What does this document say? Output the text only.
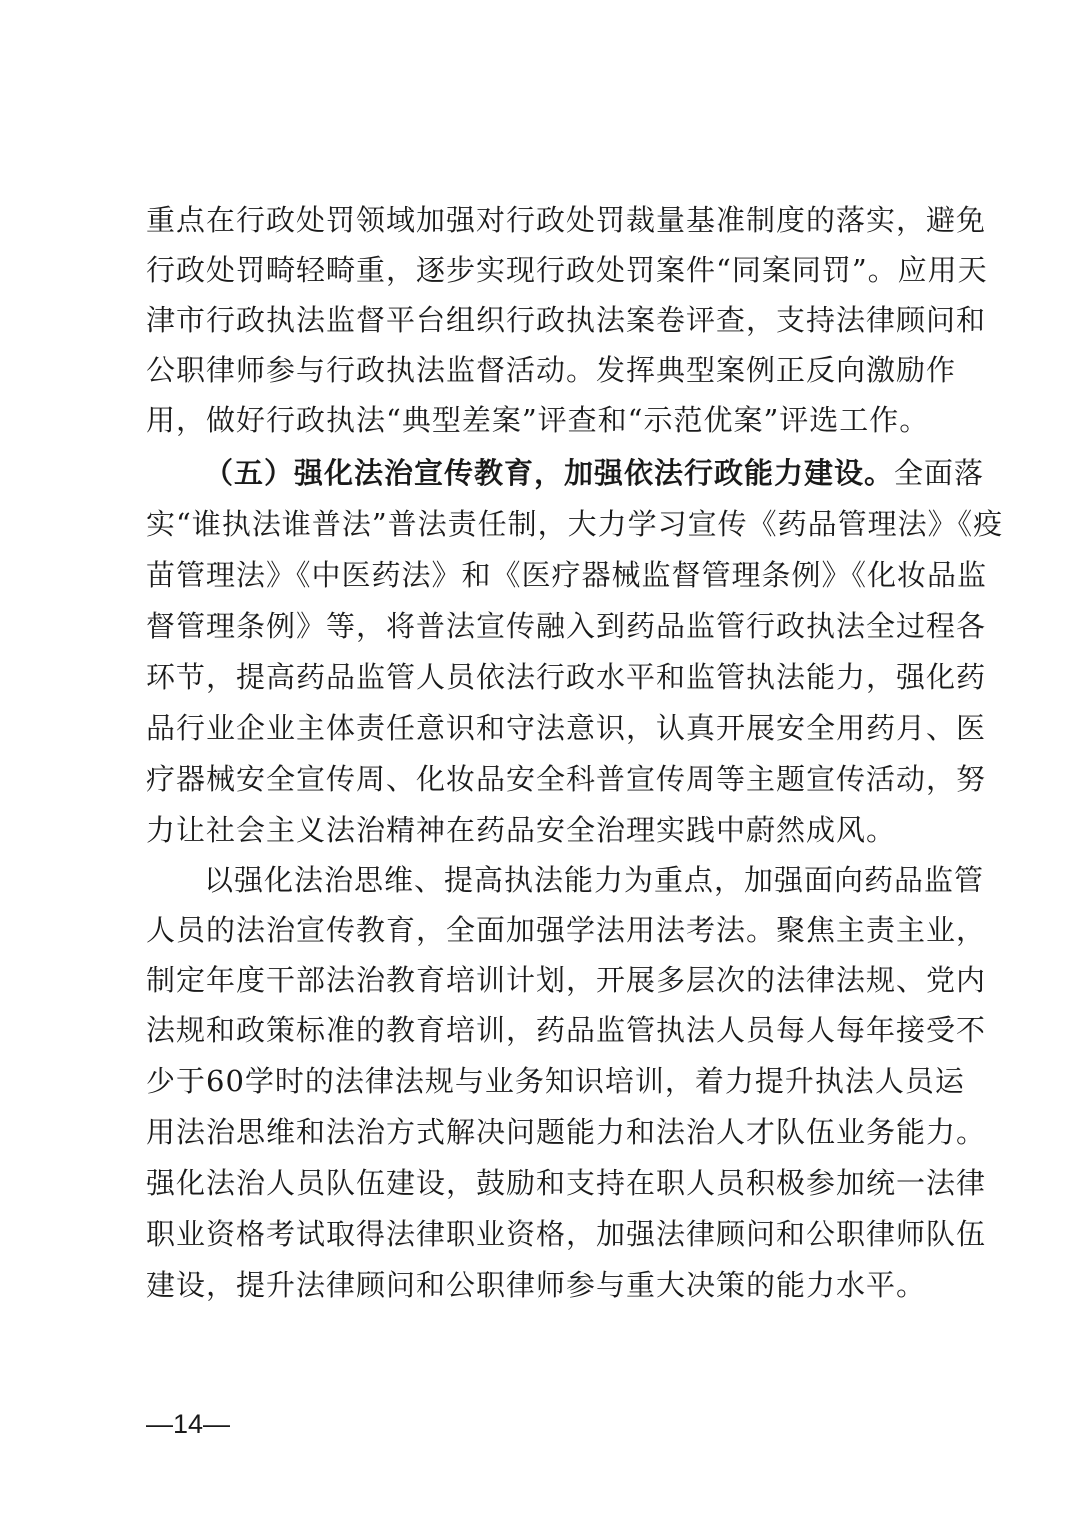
重点在行政处罚领域加强对行政处罚裁量基准制度的落实，避免
行政处罚畸轻畸重，逐步实现行政处罚案件“同案同罚”。应用天
津市行政执法监督平台组织行政执法案卷评查，支持法律顾问和
公职律师参与行政执法监督活动。发挥典型案例正反向激励作
用，做好行政执法“典型差案”评查和“示范优案”评选工作。
（五）强化法治宣传教育，加强依法行政能力建设。全面落
实“谁执法谁普法”普法责任制，大力学习宣传《药品管理法》《疫
苗管理法》《中医药法》和《医疗器械监督管理条例》《化妆品监
督管理条例》等，将普法宣传融入到药品监管行政执法全过程各
环节，提高药品监管人员依法行政水平和监管执法能力，强化药
品行业企业主体责任意识和守法意识，认真开展安全用药月、医
疗器械安全宣传周、化妆品安全科普宣传周等主题宣传活动，努
力让社会主义法治精神在药品安全治理实践中蔚然成风。
以强化法治思维、提高执法能力为重点，加强面向药品监管
人员的法治宣传教育，全面加强学法用法考法。聚焦主责主业，
制定年度干部法治教育培训计划，开展多层次的法律法规、党内
法规和政策标准的教育培训，药品监管执法人员每人每年接受不
少于60学时的法律法规与业务知识培训，着力提升执法人员运
用法治思维和法治方式解决问题能力和法治人才队伍业务能力。
强化法治人员队伍建设，鼓励和支持在职人员积极参加统一法律
职业资格考试取得法律职业资格，加强法律顾问和公职律师队伍
建设，提升法律顾问和公职律师参与重大决策的能力水平。
—14—
